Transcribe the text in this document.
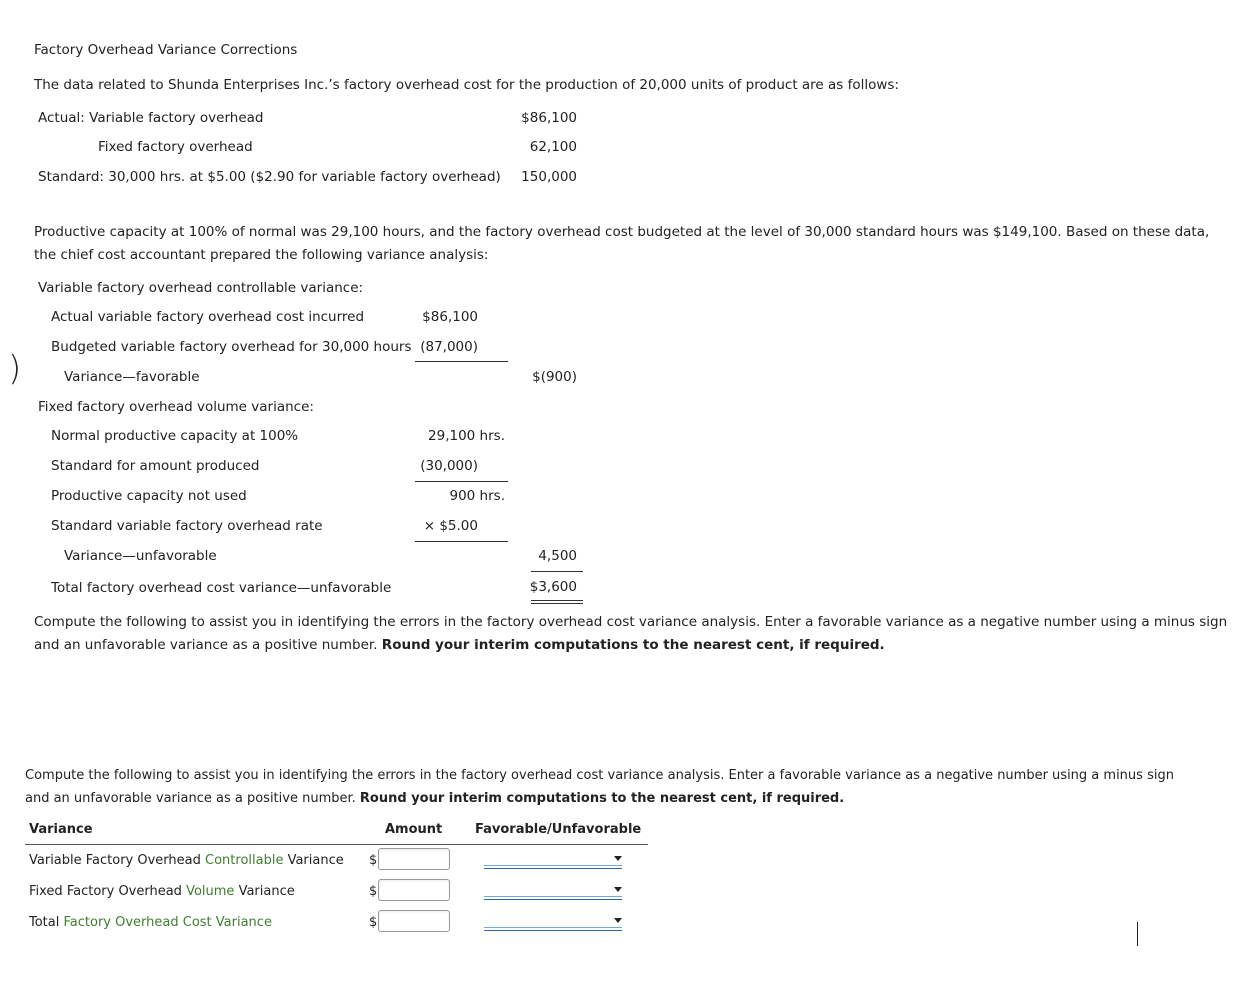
Factory Overhead Variance Corrections
The data related to Shunda Enterprises Inc.’s factory overhead cost for the production of 20,000 units of product are as follows:
Actual: Variable factory overhead	$86,100
Fixed factory overhead	62,100
Standard: 30,000 hrs. at $5.00 ($2.90 for variable factory overhead)	150,000
Productive capacity at 100% of normal was 29,100 hours, and the factory overhead cost budgeted at the level of 30,000 standard hours was $149,100. Based on these data,
the chief cost accountant prepared the following variance analysis:
Variable factory overhead controllable variance:
Actual variable factory overhead cost incurred	$86,100
Budgeted variable factory overhead for 30,000 hours (87,000)
)	Variance—favorable	$(900)
Fixed factory overhead volume variance:
Normal productive capacity at 100%	29,100 hrs.
Standard for amount produced	(30,000)
Productive capacity not used	900 hrs.
Standard variable factory overhead rate	× $5.00
Variance—unfavorable	4,500
Total factory overhead cost variance—unfavorable	$3,600
Compute the following to assist you in identifying the errors in the factory overhead cost variance analysis. Enter a favorable variance as a negative number using a minus sign
and an unfavorable variance as a positive number. Round your interim computations to the nearest cent, if required.
Compute the following to assist you in identifying the errors in the factory overhead cost variance analysis. Enter a favorable variance as a negative number using a minus sign
and an unfavorable variance as a positive number. Round your interim computations to the nearest cent, if required.
Variance	Amount	Favorable/Unfavorable
Variable Factory Overhead Controllable Variance $
Fixed Factory Overhead Volume Variance	$
Total Factory Overhead Cost Variance	$
